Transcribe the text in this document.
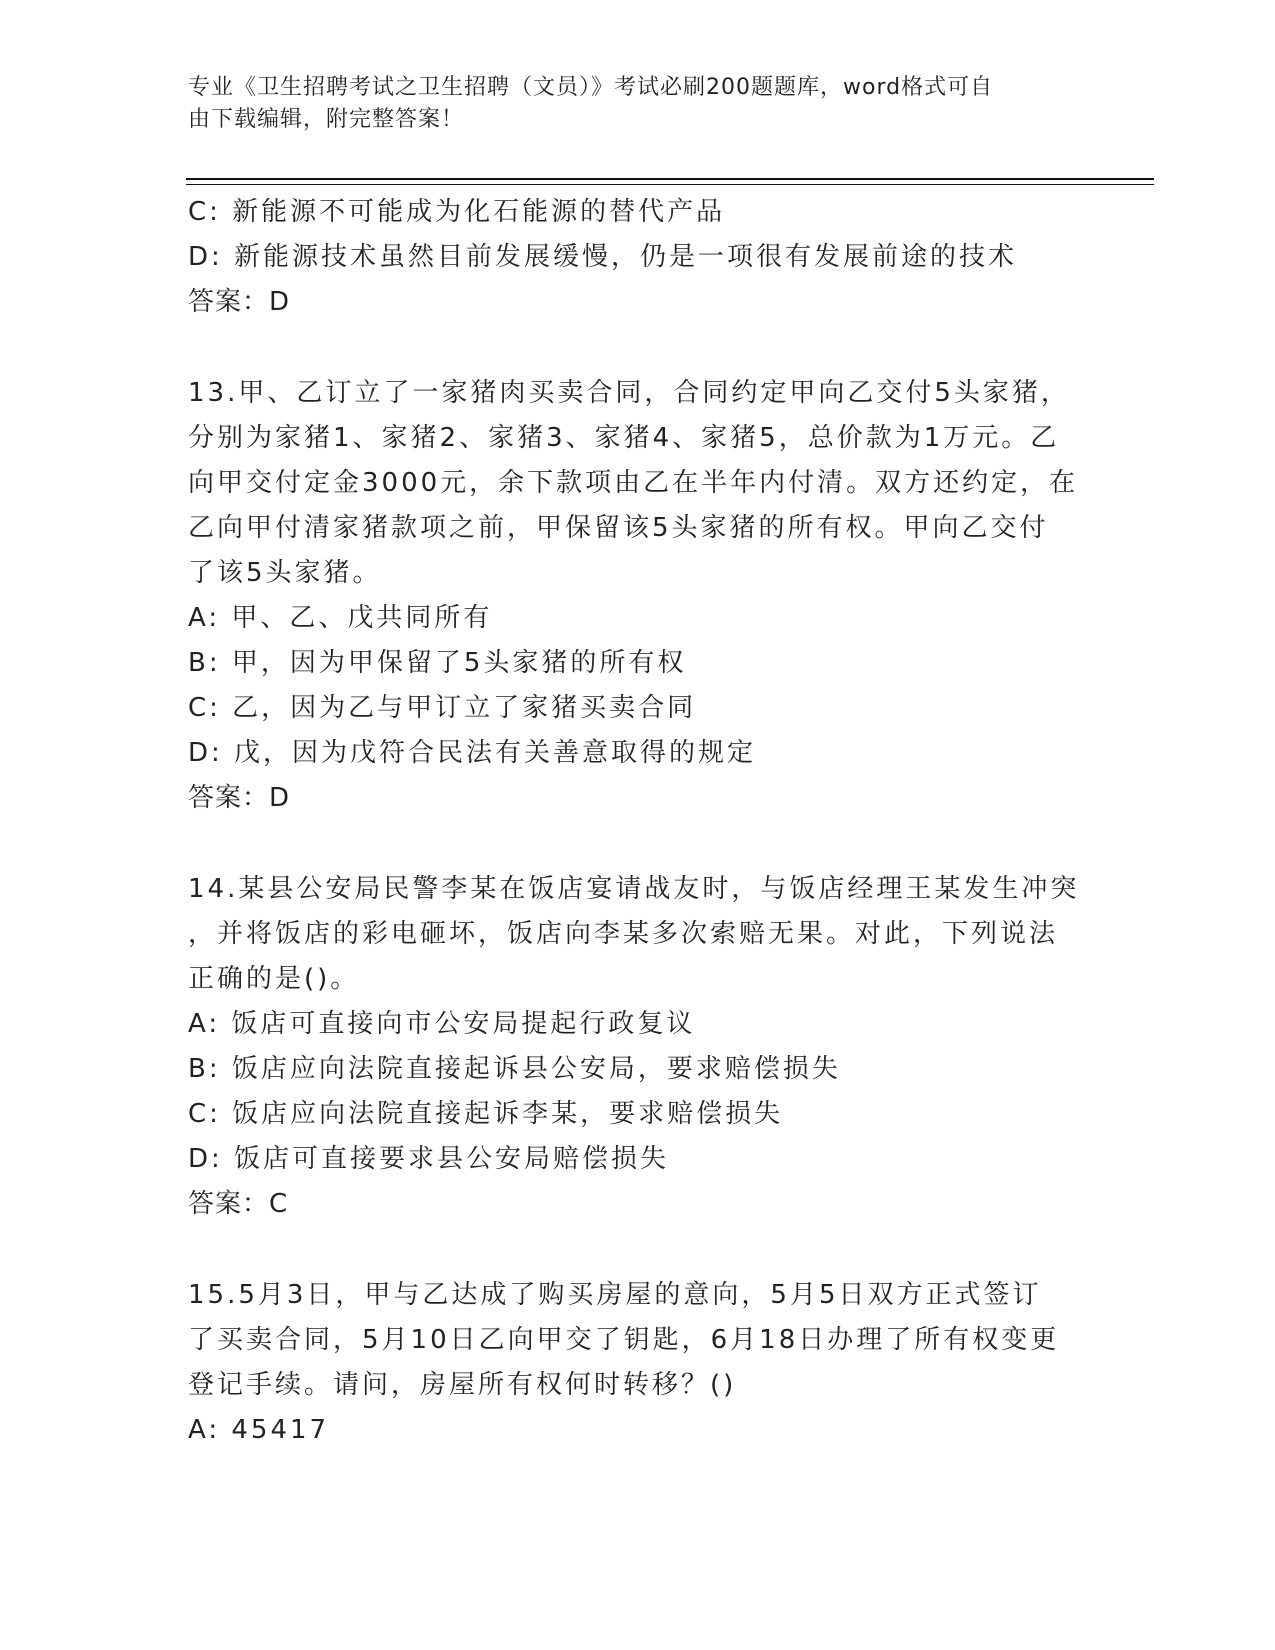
专业《卫生招聘考试之卫生招聘（文员）》考试必刷200题题库，word格式可自
由下载编辑，附完整答案！
C: 新能源不可能成为化石能源的替代产品
D: 新能源技术虽然目前发展缓慢，仍是一项很有发展前途的技术
答案：D
13.甲、乙订立了一家猪肉买卖合同，合同约定甲向乙交付5头家猪，
分别为家猪1、家猪2、家猪3、家猪4、家猪5，总价款为1万元。乙
向甲交付定金3000元，余下款项由乙在半年内付清。双方还约定，在
乙向甲付清家猪款项之前，甲保留该5头家猪的所有权。甲向乙交付
了该5头家猪。
A: 甲、乙、戊共同所有
B: 甲，因为甲保留了5头家猪的所有权
C: 乙，因为乙与甲订立了家猪买卖合同
D: 戊，因为戊符合民法有关善意取得的规定
答案：D
14.某县公安局民警李某在饭店宴请战友时，与饭店经理王某发生冲突
，并将饭店的彩电砸坏，饭店向李某多次索赔无果。对此，下列说法
正确的是()。
A: 饭店可直接向市公安局提起行政复议
B: 饭店应向法院直接起诉县公安局，要求赔偿损失
C: 饭店应向法院直接起诉李某，要求赔偿损失
D: 饭店可直接要求县公安局赔偿损失
答案：C
15.5月3日，甲与乙达成了购买房屋的意向，5月5日双方正式签订
了买卖合同，5月10日乙向甲交了钥匙，6月18日办理了所有权变更
登记手续。请问，房屋所有权何时转移？()
A: 45417
